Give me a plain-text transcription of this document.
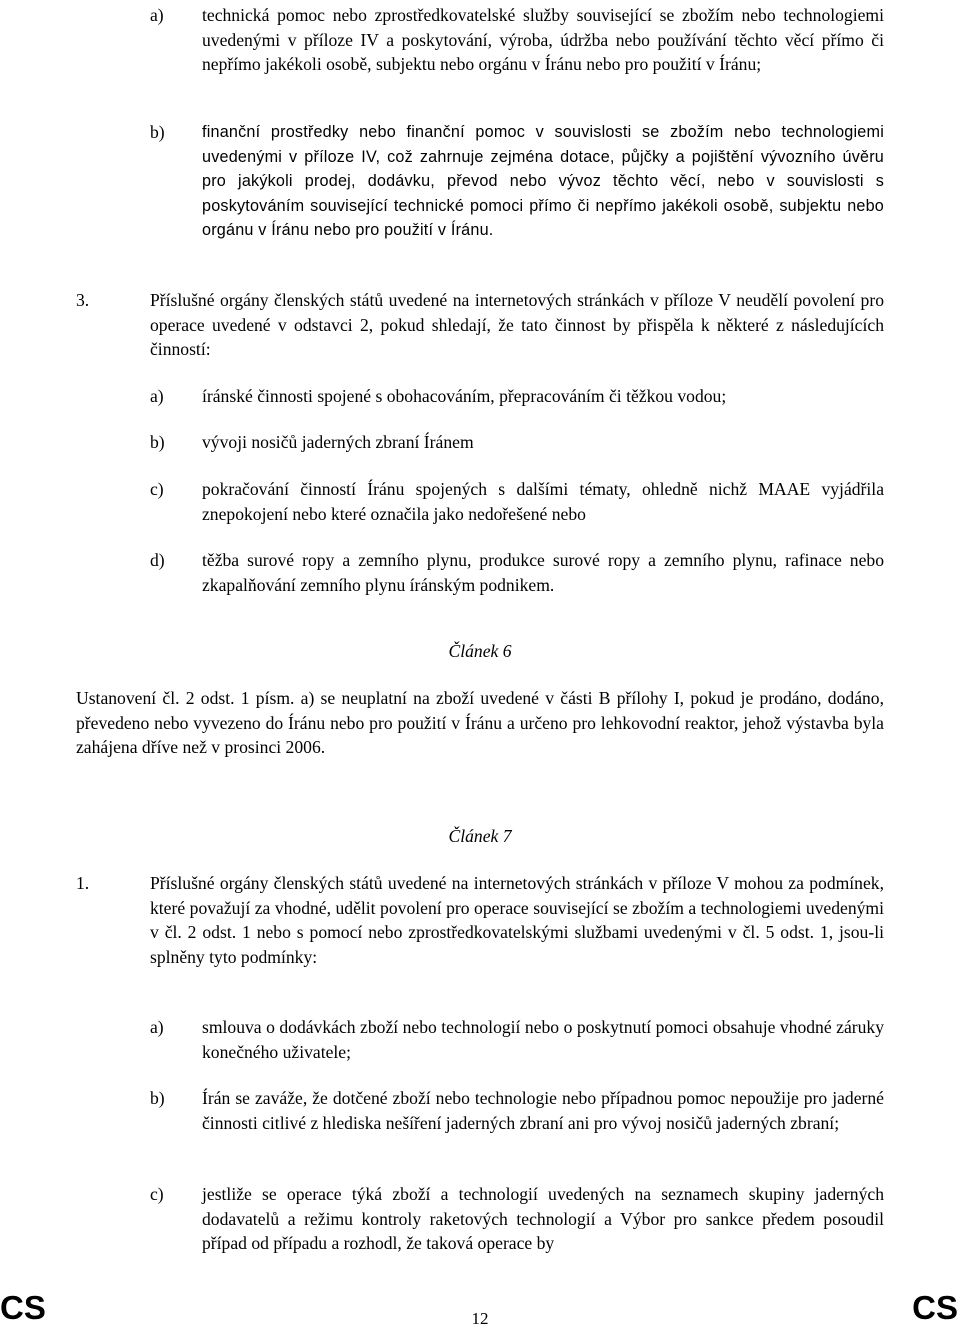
a) technická pomoc nebo zprostředkovatelské služby související se zbožím nebo technologiemi uvedenými v příloze IV a poskytování, výroba, údržba nebo používání těchto věcí přímo či nepřímo jakékoli osobě, subjektu nebo orgánu v Íránu nebo pro použití v Íránu;

b) finanční prostředky nebo finanční pomoc v souvislosti se zbožím nebo technologiemi uvedenými v příloze IV, což zahrnuje zejména dotace, půjčky a pojištění vývozního úvěru pro jakýkoli prodej, dodávku, převod nebo vývoz těchto věcí, nebo v souvislosti s poskytováním související technické pomoci přímo či nepřímo jakékoli osobě, subjektu nebo orgánu v Íránu nebo pro použití v Íránu.

3.	Příslušné orgány členských států uvedené na internetových stránkách v příloze V neudělí povolení pro operace uvedené v odstavci 2, pokud shledají, že tato činnost by přispěla k některé z následujících činností:

a) íránské činnosti spojené s obohacováním, přepracováním či těžkou vodou;

b) vývoji nosičů jaderných zbraní Íránem

c) pokračování činností Íránu spojených s dalšími tématy, ohledně nichž MAAE vyjádřila znepokojení nebo které označila jako nedořešené nebo

d) těžba surové ropy a zemního plynu, produkce surové ropy a zemního plynu, rafinace nebo zkapalňování zemního plynu íránským podnikem.

Článek 6

Ustanovení čl. 2 odst. 1 písm. a) se neuplatní na zboží uvedené v části B přílohy I, pokud je prodáno, dodáno, převedeno nebo vyvezeno do Íránu nebo pro použití v Íránu a určeno pro lehkovodní reaktor, jehož výstavba byla zahájena dříve než v prosinci 2006.

Článek 7
1.	Příslušné orgány členských států uvedené na internetových stránkách v příloze V mohou za podmínek, které považují za vhodné, udělit povolení pro operace související se zbožím a technologiemi uvedenými v čl. 2 odst. 1 nebo s pomocí nebo zprostředkovatelskými službami uvedenými v čl. 5 odst. 1, jsou-li splněny tyto podmínky:

a) smlouva o dodávkách zboží nebo technologií nebo o poskytnutí pomoci obsahuje vhodné záruky konečného uživatele;

b) Írán se zaváže, že dotčené zboží nebo technologie nebo případnou pomoc nepoužije pro jaderné činnosti citlivé z hlediska nešíření jaderných zbraní ani pro vývoj nosičů jaderných zbraní;

c) jestliže se operace týká zboží a technologií uvedených na seznamech skupiny jaderných dodavatelů a režimu kontroly raketových technologií a Výbor pro sankce předem posoudil případ od případu a rozhodl, že taková operace by

CS	12	CS
